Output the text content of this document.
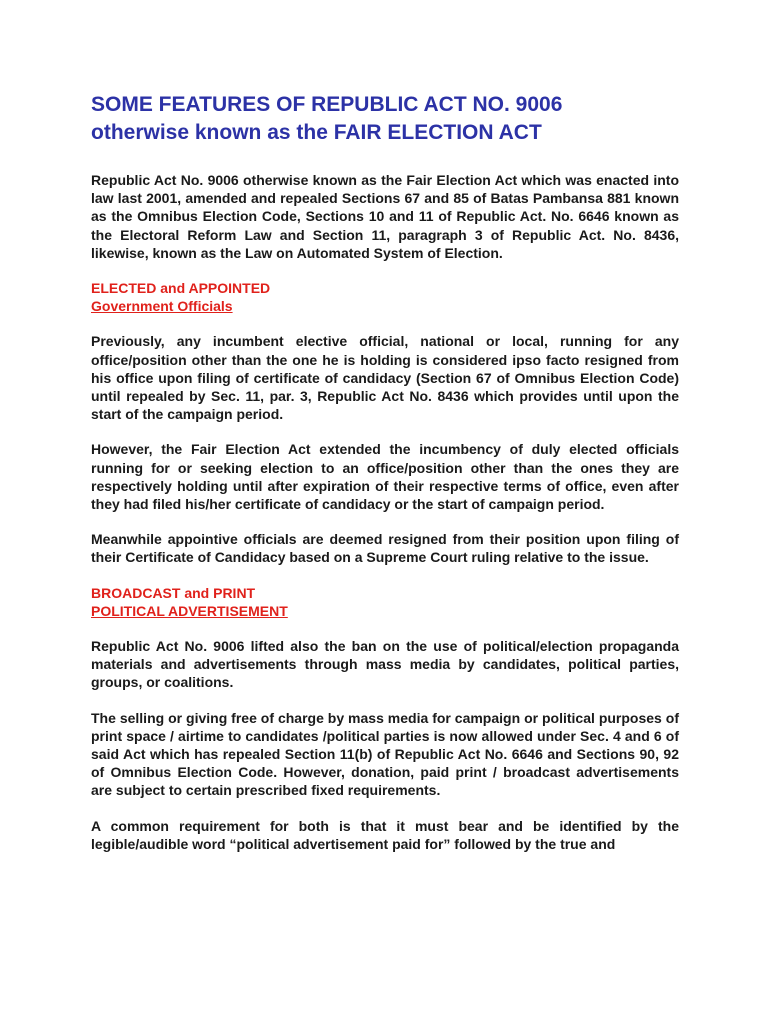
SOME FEATURES OF REPUBLIC ACT NO. 9006
otherwise known as the FAIR ELECTION ACT

Republic Act No. 9006 otherwise known as the Fair Election Act which was enacted into law last 2001, amended and repealed Sections 67 and 85 of Batas Pambansa 881 known as the Omnibus Election Code, Sections 10 and 11 of Republic Act. No. 6646 known as the Electoral Reform Law and Section 11, paragraph 3 of Republic Act. No. 8436, likewise, known as the Law on Automated System of Election.

ELECTED and APPOINTED
Government Officials

Previously, any incumbent elective official, national or local, running for any office/position other than the one he is holding is considered ipso facto resigned from his office upon filing of certificate of candidacy (Section 67 of Omnibus Election Code) until repealed by Sec. 11, par. 3, Republic Act No. 8436 which provides until upon the start of the campaign period.

However, the Fair Election Act extended the incumbency of duly elected officials running for or seeking election to an office/position other than the ones they are respectively holding until after expiration of their respective terms of office, even after they had filed his/her certificate of candidacy or the start of campaign period.

Meanwhile appointive officials are deemed resigned from their position upon filing of their Certificate of Candidacy based on a Supreme Court ruling relative to the issue.

BROADCAST and PRINT
POLITICAL ADVERTISEMENT

Republic Act No. 9006 lifted also the ban on the use of political/election propaganda materials and advertisements through mass media by candidates, political parties, groups, or coalitions.

The selling or giving free of charge by mass media for campaign or political purposes of print space / airtime to candidates /political parties is now allowed under Sec. 4 and 6 of said Act which has repealed Section 11(b) of Republic Act No. 6646 and Sections 90, 92 of Omnibus Election Code. However, donation, paid print / broadcast advertisements are subject to certain prescribed fixed requirements.

A common requirement for both is that it must bear and be identified by the legible/audible word “political advertisement paid for” followed by the true and
